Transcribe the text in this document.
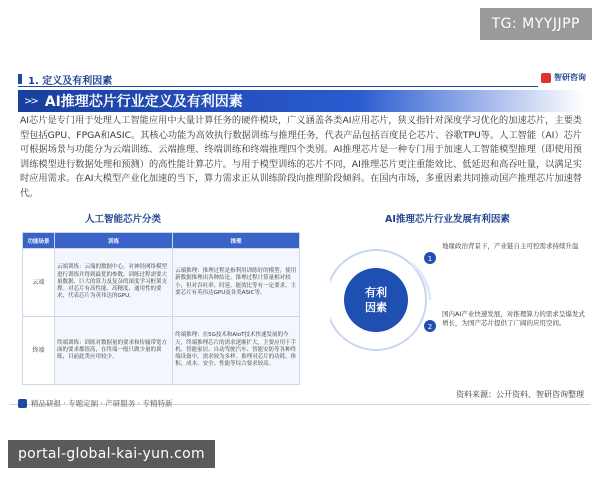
TG: MYYJJPP
1. 定义及有利因素	智研咨询
>> AI推理芯片行业定义及有利因素
AI芯片是专门用于处理人工智能应用中大量计算任务的硬件模块，广义涵盖各类AI应用芯片，狭义指针对深度学习优化的加速芯片，主要类型包括GPU、FPGA和ASIC。其核心功能为高效执行数据训练与推理任务，代表产品包括百度昆仑芯片、谷歌TPU等。人工智能（AI）芯片可根据场景与功能分为云端训练、云端推理、终端训练和终端推理四个类别。AI推理芯片是一种专门用于加速人工智能模型推理（即使用预训练模型进行数据处理和预测）的高性能计算芯片。与用于模型训练的芯片不同，AI推理芯片更注重能效比、低延迟和高吞吐量，以满足实时应用需求。在AI大模型产业化加速的当下，算力需求正从训练阶段向推理阶段倾斜。在国内市场，多重因素共同推动国产推理芯片加速替代。
人工智能芯片分类	AI推理芯片行业发展有利因素
功能场景	训练	推理
云端	云端训练：云端的数据中心，对神经网络模型进行训练并得到最优的参数，训练过程需要大量数据、巨大的算力及复杂的深度学习框架支撑。对芯片有高性能、高精度、通用性的要求，代表芯片为英伟达的GPU。	云端推理：推理过程是指利用训练好的模型，使用新数据推理出各种结论。推理过程计算量相对较小，但对吞吐率、时延、能效比等有一定要求，主要芯片有英伟达GPU及各类ASIC等。
终端	终端训练：训练对数据量的要求和传输带宽方面的要求都很高，在终端一般只做少量的训练，目前此类应用较少。	终端推理：在5G技术和AIoT技术快速发展的今天，终端推理芯片的需求逐渐扩大，主要应用于手机、智能家居、自动驾驶汽车、智能安防等各种终端设备中，需求较为多样。推理对芯片的功耗、体积、成本、安全、性能等综合要求较高。
有利
因素
1
地缘政治背景下，产业链自主可控需求持续升温
2
国内AI产业快速发展，对推理算力的需求呈爆发式增长，为国产芯片提供了广阔的应用空间。
资料来源：公开资料、智研咨询整理
精品研报 · 专题定制 · 产研服务 · 专精特新
portal-global-kai-yun.com
